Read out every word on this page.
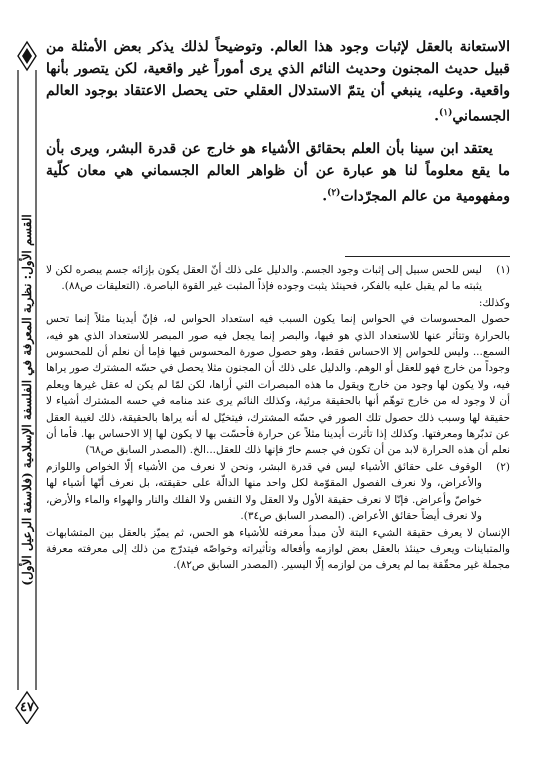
القسم الأول: نظرية المعرفة في الفلسفة الإسلامية (فلاسفة الرعيل الأول)
٤٧

الاستعانة بالعقل لإثبات وجود هذا العالم. وتوضيحاً لذلك يذكر بعض الأمثلة من قبيل حديث المجنون وحديث النائم الذي يرى أموراً غير واقعية، لكن يتصور بأنها واقعية. وعليه، ينبغي أن يتمّ الاستدلال العقلي حتى يحصل الاعتقاد بوجود العالم الجسماني$^{(١)}$.

يعتقد ابن سينا بأن العلم بحقائق الأشياء هو خارج عن قدرة البشر، ويرى بأن ما يقع معلوماً لنا هو عبارة عن أن ظواهر العالم الجسماني هي معان كلّية ومفهومية من عالم المجرّدات$^{(٢)}$.

(١)

ليس للحس سبيل إلى إثبات وجود الجسم. والدليل على ذلك أنّ العقل يكون بإزائه جسم يبصره لكن لا يثبته ما لم يقبل عليه بالفكر، فحينئذ يثبت وجوده فإذاً المثبت غير القوة الباصرة. (التعليقات ص٨٨).

وكذلك:

حصول المحسوسات في الحواس إنما يكون السبب فيه استعداد الحواس له، فإنّ أيدينا مثلاً إنما تحس بالحرارة وتتأثر عنها للاستعداد الذي هو فيها، والبصر إنما يجعل فيه صور المبصر للاستعداد الذي هو فيه، السمع... وليس للحواس إلا الاحساس فقط، وهو حصول صورة المحسوس فيها فإما أن نعلم أن للمحسوس وجوداً من خارج فهو للعقل أو الوهم. والدليل على ذلك أن المجنون مثلا يحصل في حسّه المشترك صور يراها فيه، ولا يكون لها وجود من خارج ويقول ما هذه المبصرات التي أراها، لكن لمّا لم يكن له عقل غيرها ويعلم أن لا وجود له من خارج توهّم أنها بالحقيقة مرئية، وكذلك النائم يرى عند منامه في حسه المشترك أشياء لا حقيقة لها وسبب ذلك حصول تلك الصور في حسّه المشترك، فيتخيّل له أنه يراها بالحقيقة، ذلك لغيبة العقل عن تدبّرها ومعرفتها. وكذلك إذا تأثرت أيدينا مثلاً عن حرارة فأحسّت بها لا يكون لها إلا الاحساس بها. فأما أن نعلم أن هذه الحرارة لابد من أن تكون في جسم حارّ فإنها ذلك للعقل...الخ. (المصدر السابق ص٦٨)

(٢)

الوقوف على حقائق الأشياء ليس في قدرة البشر، ونحن لا نعرف من الأشياء إلّا الخواص واللوازم والأعراض، ولا نعرف الفصول المقوّمة لكل واحد منها الدالّة على حقيقته، بل نعرف أنّها أشياء لها خواصّ وأعراض. فإنّا لا نعرف حقيقة الأول ولا العقل ولا النفس ولا الفلك والنار والهواء والماء والأرض، ولا نعرف أيضاً حقائق الأعراض. (المصدر السابق ص٣٤).

الإنسان لا يعرف حقيقة الشيء البتة لأن مبدأ معرفته للأشياء هو الحس، ثم يميّز بالعقل بين المتشابهات والمتباينات ويعرف حينئذ بالعقل بعض لوازمه وأفعاله وتأثيراته وخواصّه فيتدرّج من ذلك إلى معرفته معرفة مجملة غير محقّقة بما لم يعرف من لوازمه إلّا اليسير. (المصدر السابق ص٨٢).
